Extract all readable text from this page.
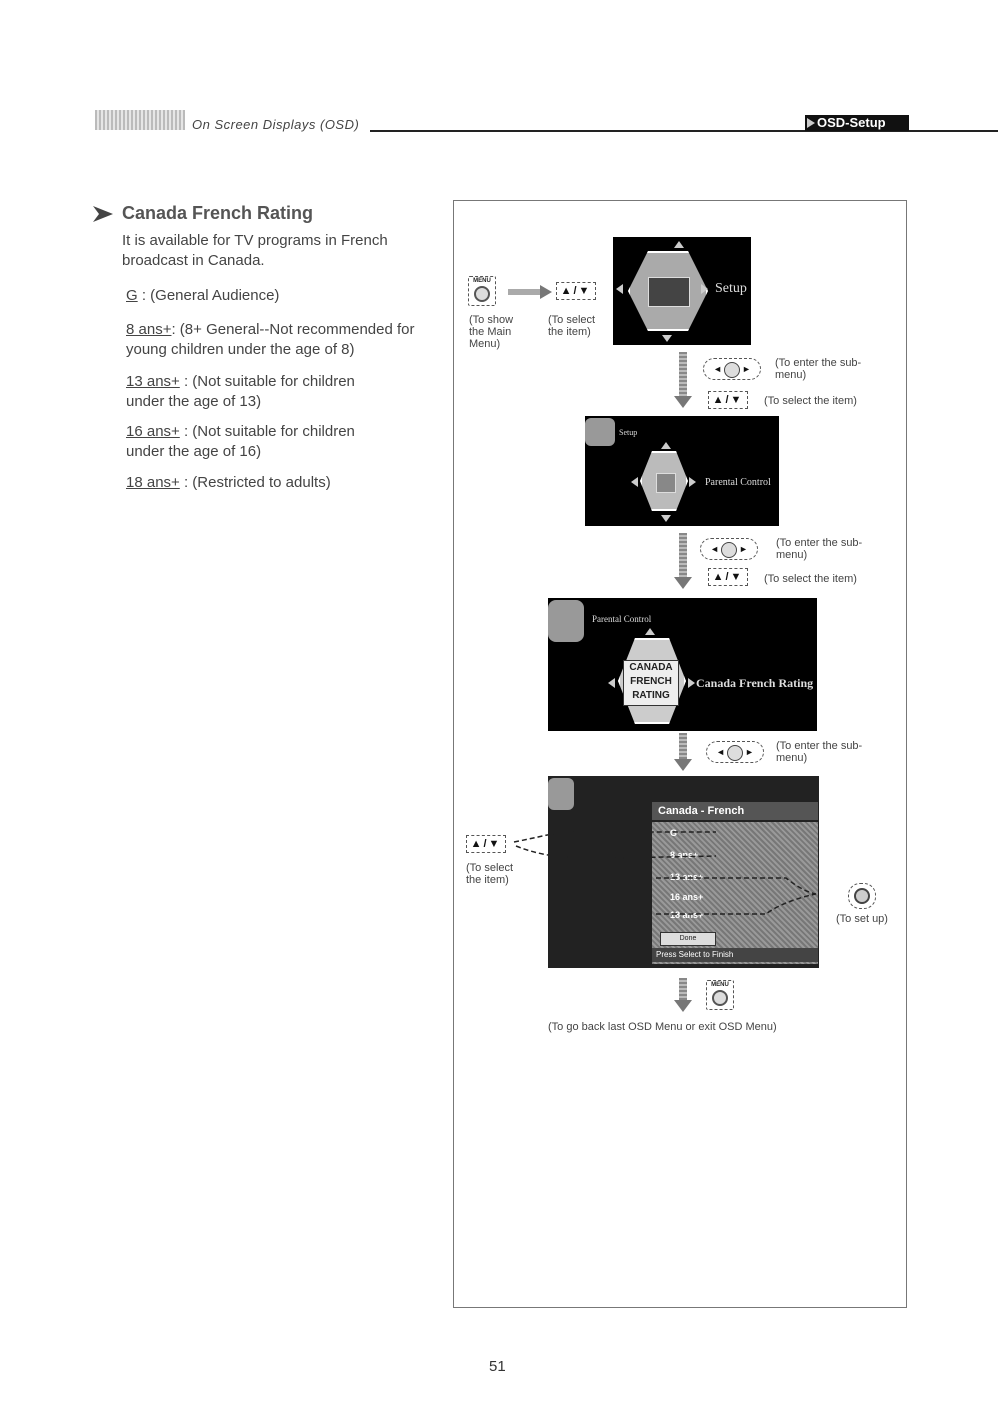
On Screen Displays (OSD)	OSD-Setup
Canada French Rating
It is available for TV programs in French broadcast in Canada.
G : (General Audience)
8 ans+: (8+ General--Not recommended for young children under the age of 8)
13 ans+ : (Not suitable for children under the age of 13)
16 ans+ : (Not suitable for children under the age of 16)
18 ans+ : (Restricted to adults)
MENU
▲/▼
(To show the Main Menu)
(To select the item)
Setup
◄ ►	(To enter the sub-menu)
▲/▼	(To select the item)
Setup
Parental Control
◄ ►	(To enter the sub-menu)
▲/▼	(To select the item)
Parental Control
CANADA
FRENCH
RATING
Canada French Rating
◄ ►	(To enter the sub-menu)
Canada - French
G
8 ans+
13 ans+
16 ans+
18 ans+
Done
Press Select to Finish
▲/▼
(To select the item)
(To set up)
MENU
(To go back last OSD Menu or exit OSD Menu)
51
